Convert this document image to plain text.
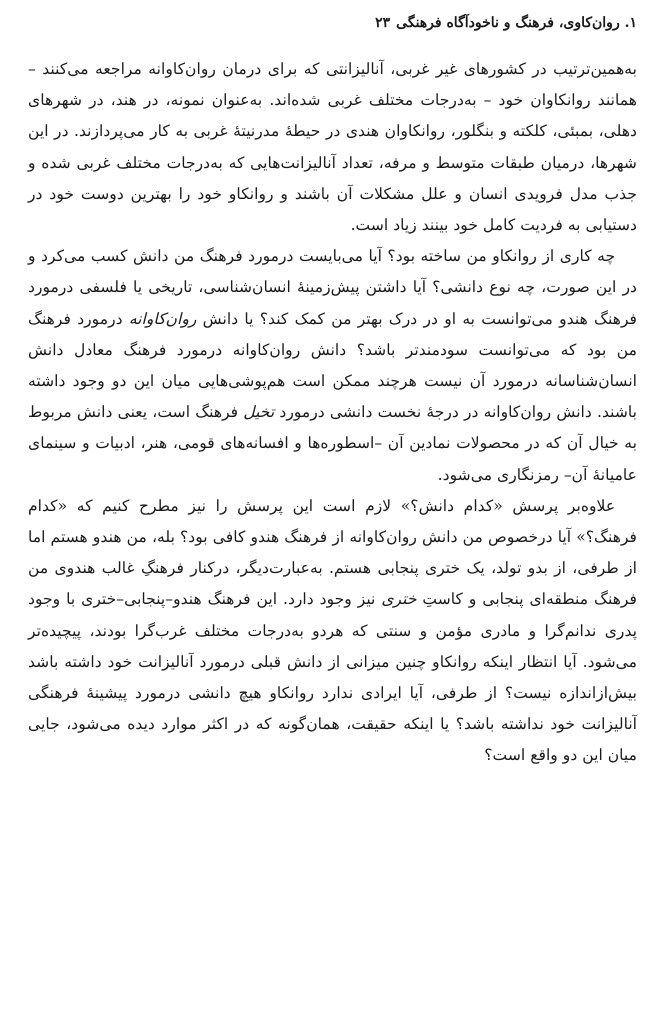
۱. روان‌کاوی، فرهنگ و ناخودآگاه فرهنگی
۲۳

به‌همین‌ترتیب در کشورهای غیر غربی، آنالیزانتی که برای درمان روان‌کاوانه مراجعه می‌کنند – همانند روانکاوان خود – به‌درجات مختلف غربی شده‌اند. به‌عنوان نمونه، در هند، در شهرهای دهلی، بمبئی، کلکته و بنگلور، روانکاوان هندی در حیطهٔ مدرنیتهٔ غربی به کار می‌پردازند. در این شهرها، درمیان طبقات متوسط و مرفه، تعداد آنالیزانت‌هایی که به‌درجات مختلف غربی شده و جذب مدل فرویدی انسان و علل مشکلات آن باشند و روانکاو خود را بهترین دوست خود در دستیابی به فردیت کامل خود بینند زیاد است.

چه کاری از روانکاو من ساخته بود؟ آیا می‌بایست درمورد فرهنگ من دانش کسب می‌کرد و در این صورت، چه نوع دانشی؟ آیا داشتن پیش‌زمینهٔ انسان‌شناسی، تاریخی یا فلسفی درمورد فرهنگ هندو می‌توانست به او در درک بهتر من کمک کند؟ یا دانش روان‌کاوانه درمورد فرهنگ من بود که می‌توانست سودمندتر باشد؟ دانش روان‌کاوانه درمورد فرهنگ معادل دانش انسان‌شناسانه درمورد آن نیست هرچند ممکن است هم‌پوشی‌هایی میان این دو وجود داشته باشند. دانش روان‌کاوانه در درجهٔ نخست دانشی درمورد تخیل فرهنگ است، یعنی دانش مربوط به خیال آن که در محصولات نمادین آن –اسطوره‌ها و افسانه‌های قومی، هنر، ادبیات و سینمای عامیانهٔ آن– رمزنگاری می‌شود.

علاوه‌بر پرسش «کدام دانش؟» لازم است این پرسش را نیز مطرح کنیم که «کدام فرهنگ؟» آیا درخصوص من دانش روان‌کاوانه از فرهنگ هندو کافی بود؟ بله، من هندو هستم اما از طرفی، از بدو تولد، یک ختری پنجابی هستم. به‌عبارت‌دیگر، درکنار فرهنگِ غالب هندوی من فرهنگ منطقه‌ای پنجابی و کاستِ ختری نیز وجود دارد. این فرهنگ هندو–پنجابی–ختری با وجود پدری ندانم‌گرا و مادری مؤمن و سنتی که هردو به‌درجات مختلف غرب‌گرا بودند، پیچیده‌تر می‌شود. آیا انتظار اینکه روانکاو چنین میزانی از دانش قبلی درمورد آنالیزانت خود داشته باشد بیش‌ازاندازه نیست؟ از طرفی، آیا ایرادی ندارد روانکاو هیچ دانشی درمورد پیشینهٔ فرهنگی آنالیزانت خود نداشته باشد؟ یا اینکه حقیقت، همان‌گونه که در اکثر موارد دیده می‌شود، جایی میان این دو واقع است؟
